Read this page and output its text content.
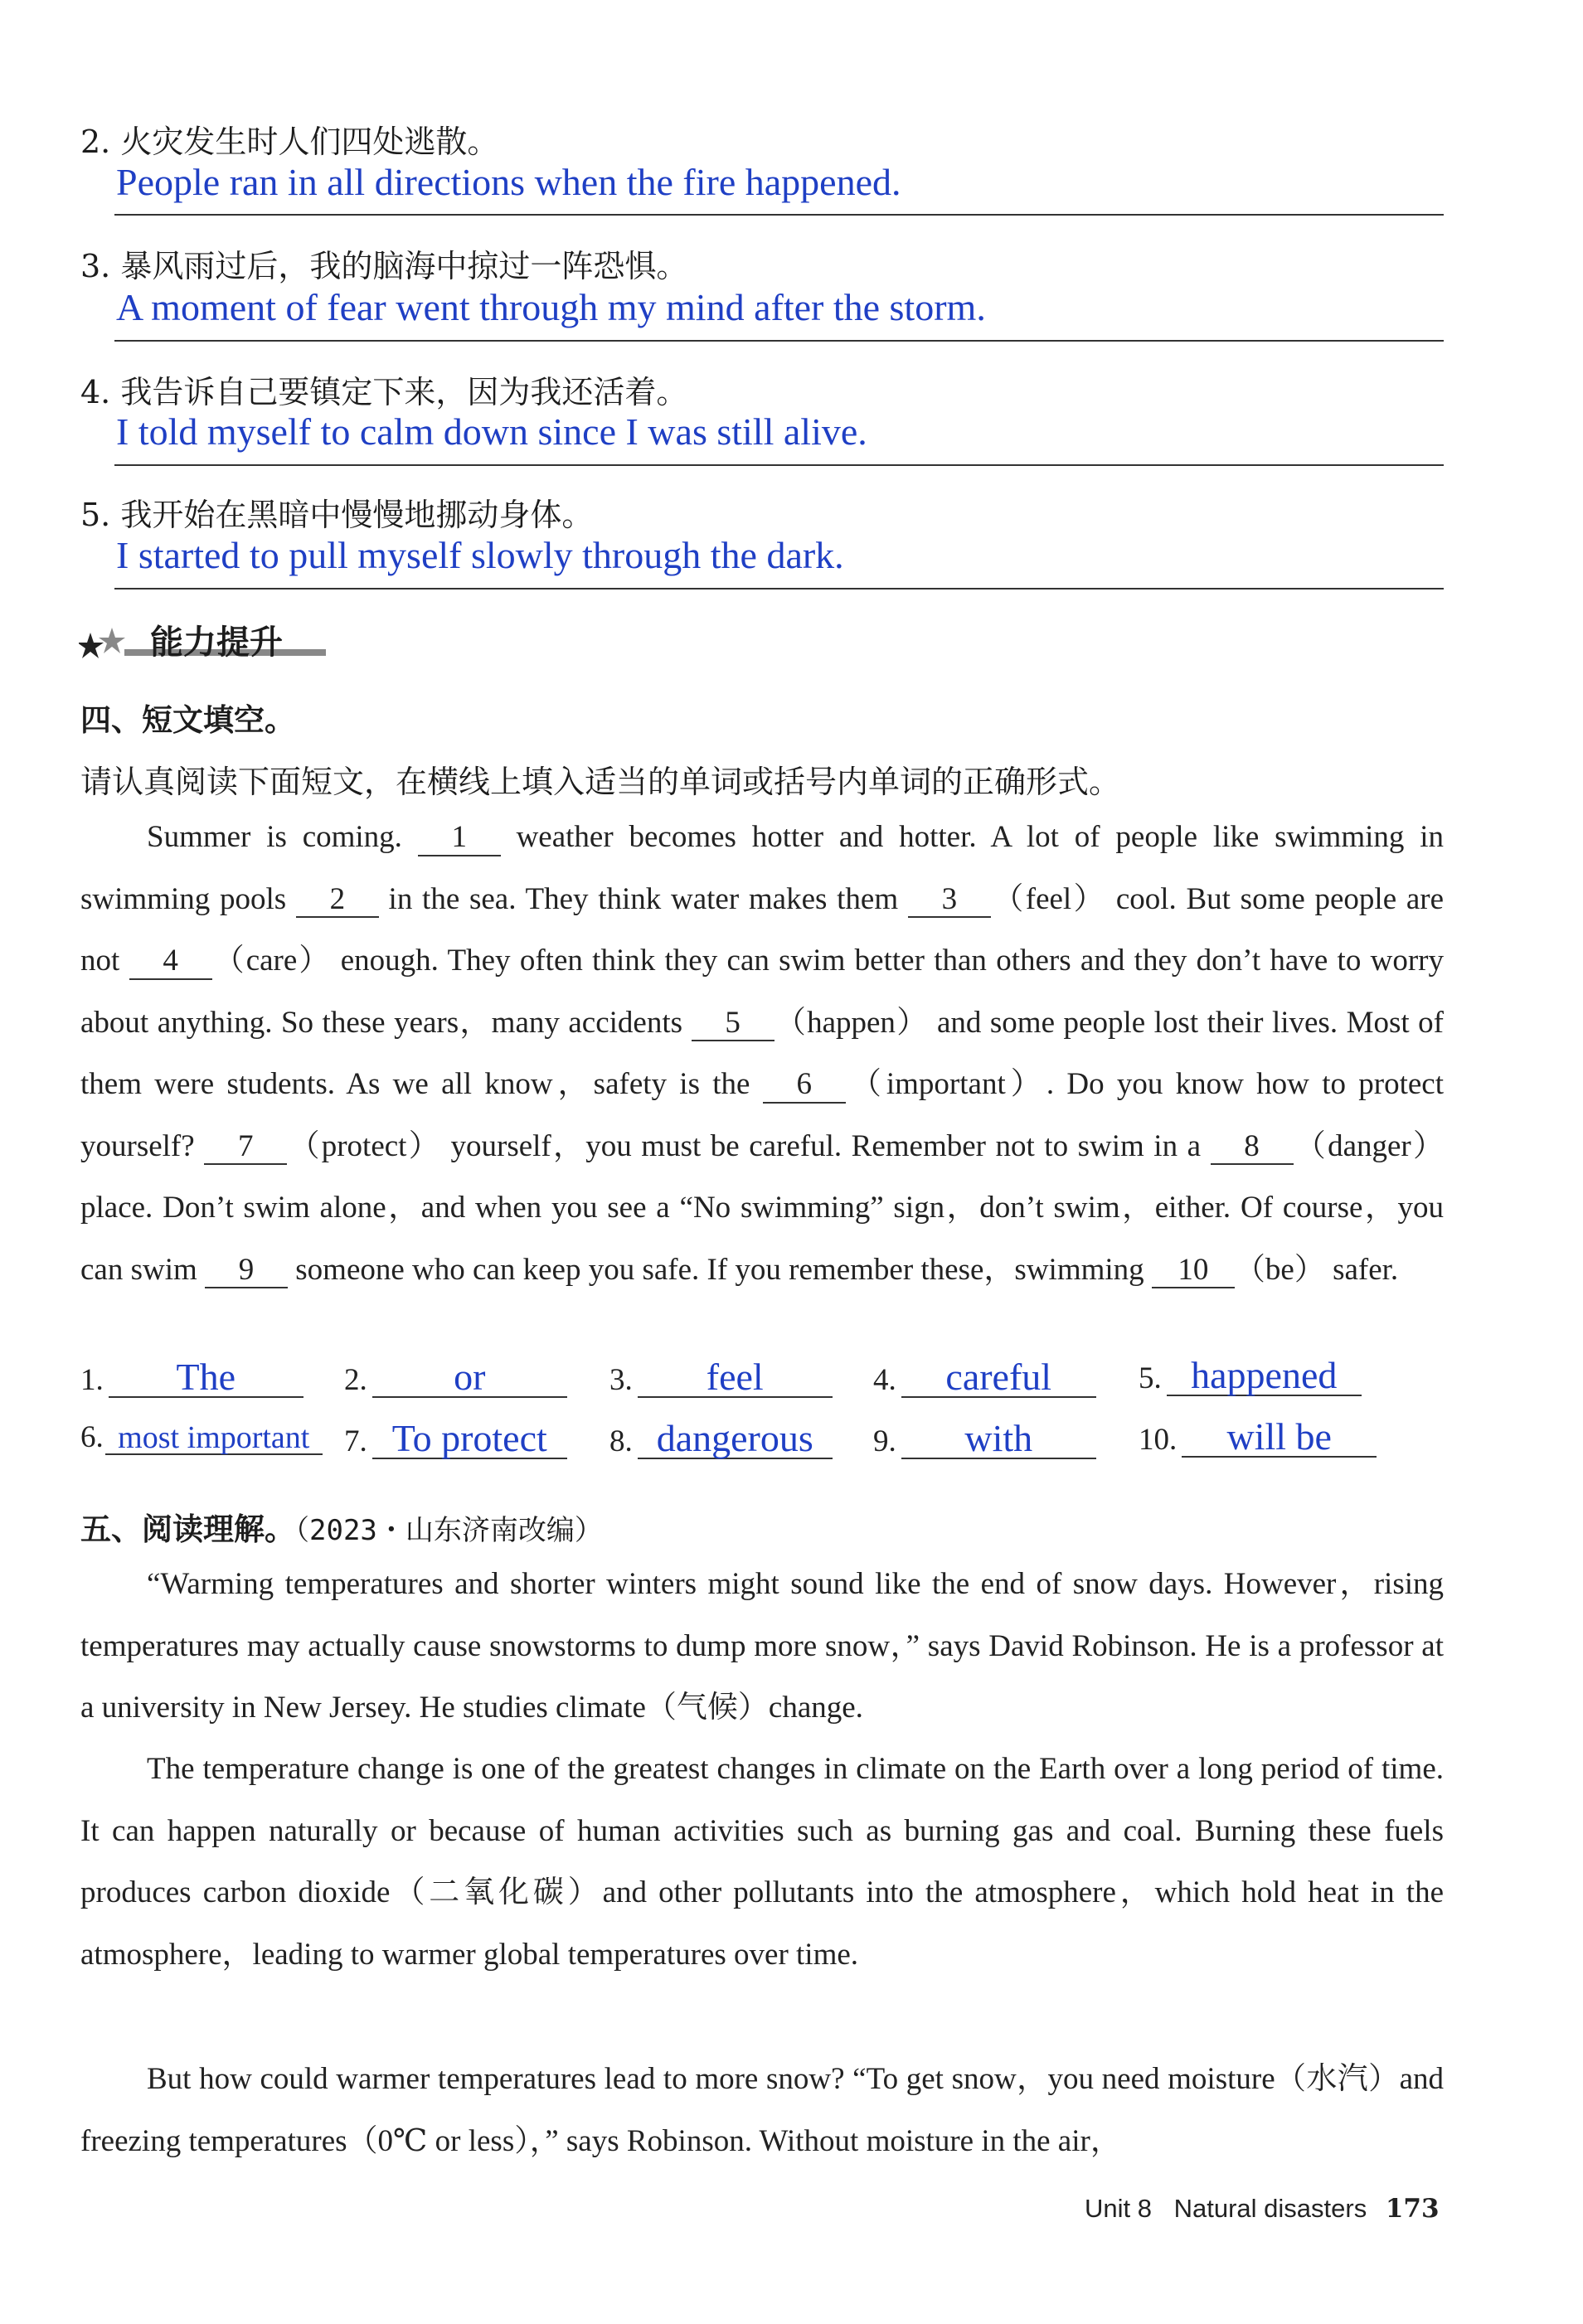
2. 火灾发生时人们四处逃散。
People ran in all directions when the fire happened.
3. 暴风雨过后，我的脑海中掠过一阵恐惧。
A moment of fear went through my mind after the storm.
4. 我告诉自己要镇定下来，因为我还活着。
I told myself to calm down since I was still alive.
5. 我开始在黑暗中慢慢地挪动身体。
I started to pull myself slowly through the dark.
能力提升
四、短文填空。
请认真阅读下面短文，在横线上填入适当的单词或括号内单词的正确形式。
Summer is coming. 1 weather becomes hotter and hotter. A lot of people like swimming in swimming pools 2 in the sea. They think water makes them 3 （feel） cool. But some people are not 4 （care） enough. They often think they can swim better than others and they don’t have to worry about anything. So these years，many accidents 5 （happen） and some people lost their lives. Most of them were students. As we all know，safety is the 6 （important）. Do you know how to protect yourself? 7 （protect） yourself，you must be careful. Remember not to swim in a 8 （danger） place. Don’t swim alone，and when you see a “No swimming” sign，don’t swim，either. Of course，you can swim 9 someone who can keep you safe. If you remember these，swimming 10 （be） safer.
1. The	2. or	3. feel	4. careful	5. happened
6. most important	7. To protect	8. dangerous	9. with	10. will be
五、阅读理解。（2023・山东济南改编）
“Warming temperatures and shorter winters might sound like the end of snow days. However，rising temperatures may actually cause snowstorms to dump more snow，” says David Robinson. He is a professor at a university in New Jersey. He studies climate（气候）change.
The temperature change is one of the greatest changes in climate on the Earth over a long period of time. It can happen naturally or because of human activities such as burning gas and coal. Burning these fuels produces carbon dioxide（二氧化碳）and other pollutants into the atmosphere，which hold heat in the atmosphere，leading to warmer global temperatures over time.
But how could warmer temperatures lead to more snow? “To get snow，you need moisture（水汽）and freezing temperatures（0℃ or less），” says Robinson. Without moisture in the air，
Unit 8 Natural disasters 173
